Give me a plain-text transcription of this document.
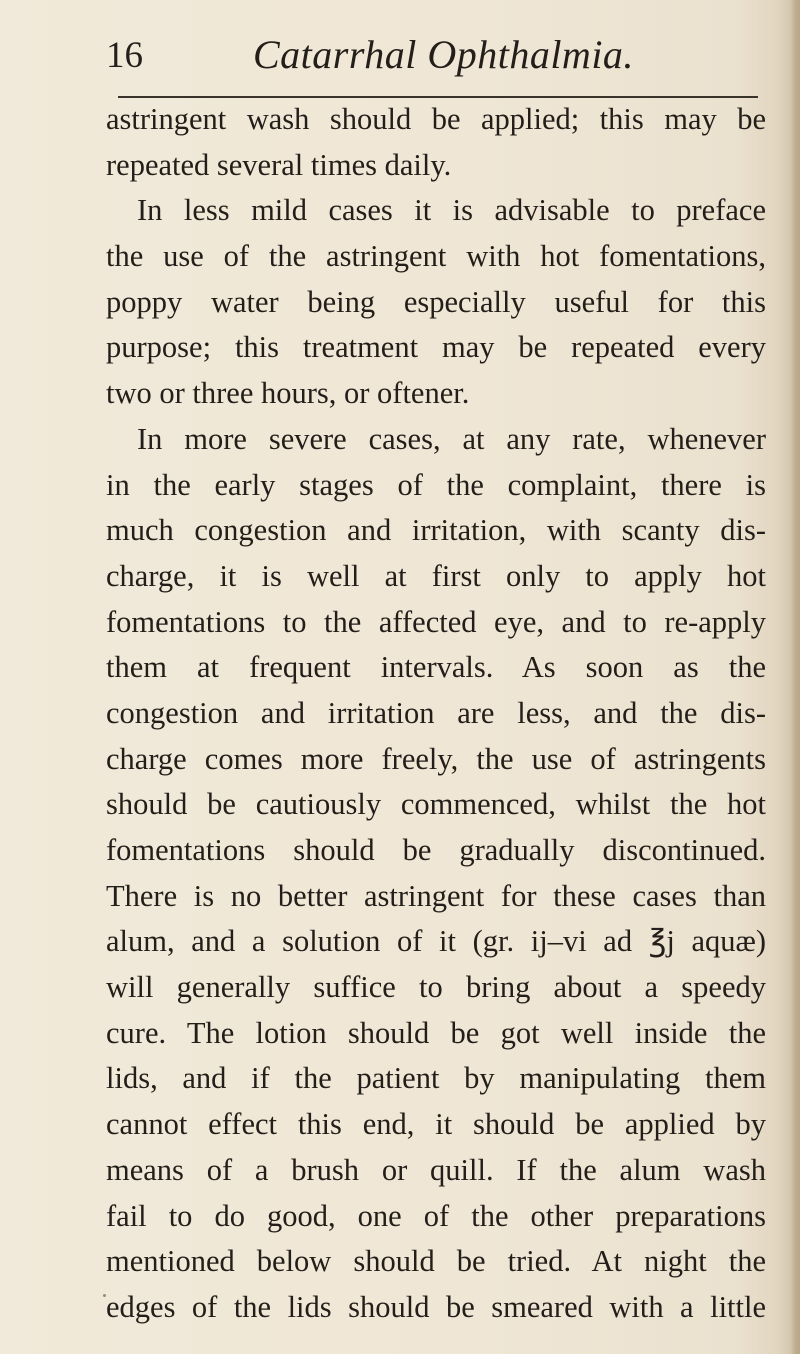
16	Catarrhal Ophthalmia.
astringent wash should be applied; this may be
repeated several times daily.
In less mild cases it is advisable to preface
the use of the astringent with hot fomentations,
poppy water being especially useful for this
purpose; this treatment may be repeated every
two or three hours, or oftener.
In more severe cases, at any rate, whenever
in the early stages of the complaint, there is
much congestion and irritation, with scanty dis-
charge, it is well at first only to apply hot
fomentations to the affected eye, and to re-apply
them at frequent intervals. As soon as the
congestion and irritation are less, and the dis-
charge comes more freely, the use of astringents
should be cautiously commenced, whilst the hot
fomentations should be gradually discontinued.
There is no better astringent for these cases than
alum, and a solution of it (gr. ij–vi ad ℥j aquæ)
will generally suffice to bring about a speedy
cure. The lotion should be got well inside the
lids, and if the patient by manipulating them
cannot effect this end, it should be applied by
means of a brush or quill. If the alum wash
fail to do good, one of the other preparations
mentioned below should be tried. At night the
edges of the lids should be smeared with a little
